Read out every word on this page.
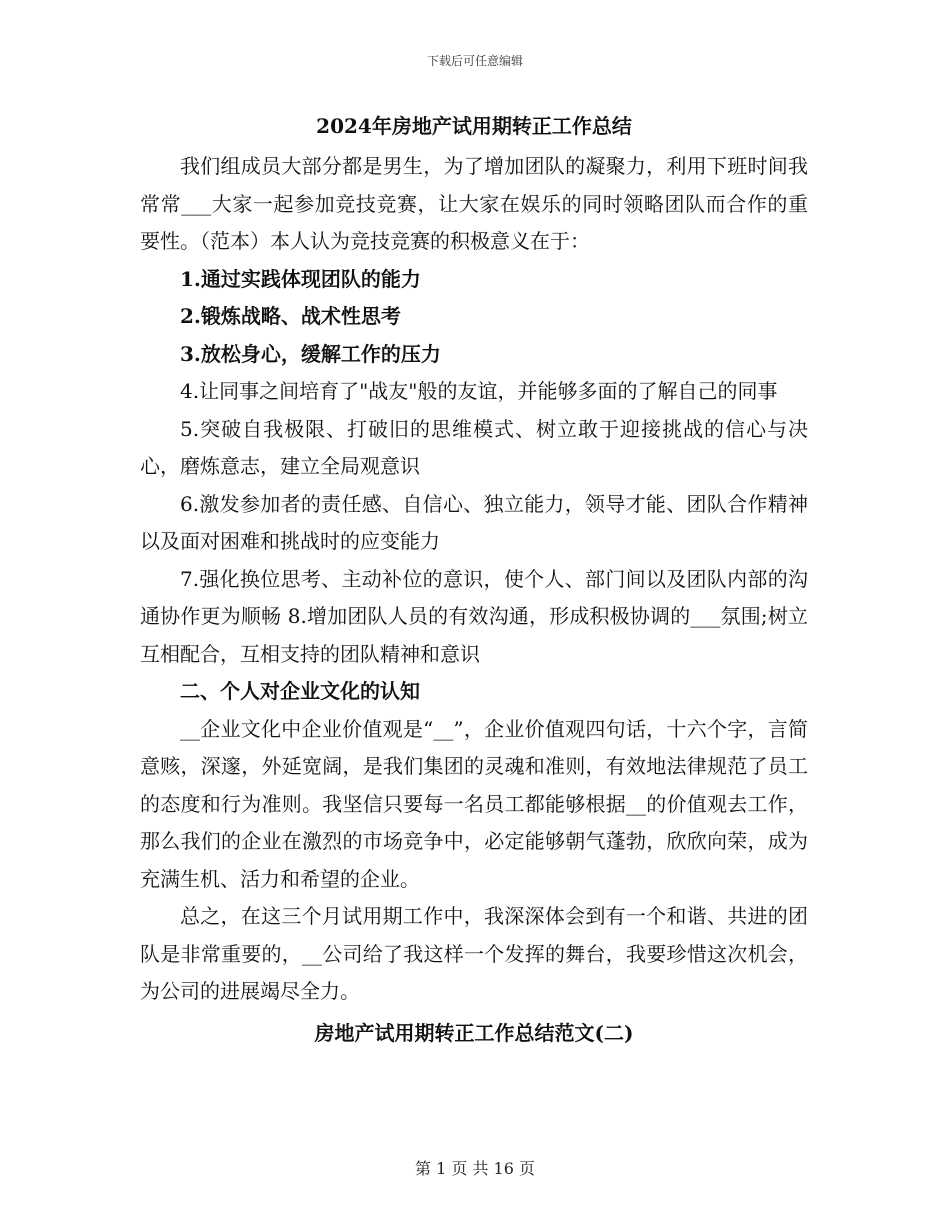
下载后可任意编辑
2024年房地产试用期转正工作总结

我们组成员大部分都是男生，为了增加团队的凝聚力，利用下班时间我常常___大家一起参加竞技竞赛，让大家在娱乐的同时领略团队而合作的重要性。（范本）本人认为竞技竞赛的积极意义在于：

1.通过实践体现团队的能力

2.锻炼战略、战术性思考

3.放松身心，缓解工作的压力

4.让同事之间培育了"战友"般的友谊，并能够多面的了解自己的同事

5.突破自我极限、打破旧的思维模式、树立敢于迎接挑战的信心与决心，磨炼意志，建立全局观意识

6.激发参加者的责任感、自信心、独立能力，领导才能、团队合作精神以及面对困难和挑战时的应变能力

7.强化换位思考、主动补位的意识，使个人、部门间以及团队内部的沟通协作更为顺畅 8.增加团队人员的有效沟通，形成积极协调的___氛围;树立互相配合，互相支持的团队精神和意识

二、个人对企业文化的认知

__企业文化中企业价值观是“__”，企业价值观四句话，十六个字，言简意赅，深邃，外延宽阔，是我们集团的灵魂和准则，有效地法律规范了员工的态度和行为准则。我坚信只要每一名员工都能够根据__的价值观去工作，那么我们的企业在激烈的市场竞争中，必定能够朝气蓬勃，欣欣向荣，成为充满生机、活力和希望的企业。

总之，在这三个月试用期工作中，我深深体会到有一个和谐、共进的团队是非常重要的，__公司给了我这样一个发挥的舞台，我要珍惜这次机会，为公司的进展竭尽全力。

房地产试用期转正工作总结范文(二)
第 1 页 共 16 页
